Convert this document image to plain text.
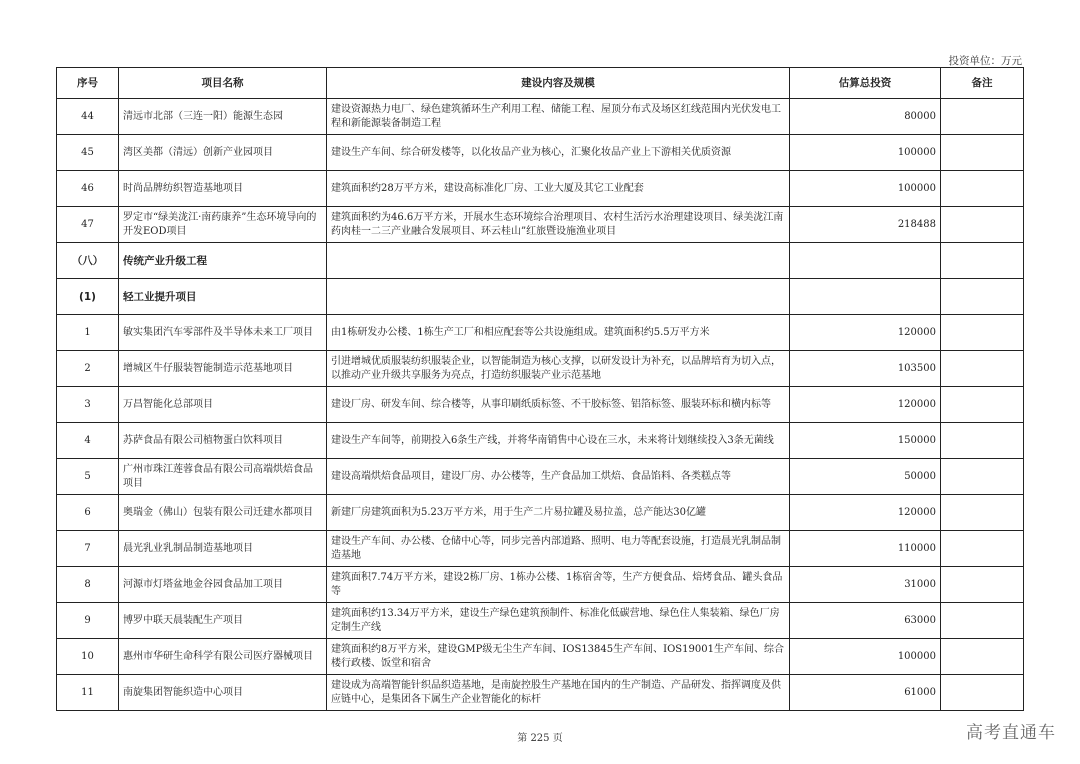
投资单位：万元
序号	项目名称	建设内容及规模	估算总投资	备注
44	清远市北部（三连一阳）能源生态园	建设资源热力电厂、绿色建筑循环生产利用工程、储能工程、屋顶分布式及场区红线范围内光伏发电工程和新能源装备制造工程	80000	
45	湾区美都（清远）创新产业园项目	建设生产车间、综合研发楼等，以化妆品产业为核心，汇聚化妆品产业上下游相关优质资源	100000	
46	时尚品牌纺织智造基地项目	建筑面积约28万平方米，建设高标准化厂房、工业大厦及其它工业配套	100000	
47	罗定市“绿美泷江·南药康养”生态环境导向的开发EOD项目	建筑面积约为46.6万平方米，开展水生态环境综合治理项目、农村生活污水治理建设项目、绿美泷江南药肉桂一二三产业融合发展项目、环云桂山”红旅暨设施渔业项目	218488	
（八）	传统产业升级工程			
(1)	轻工业提升项目			
1	敏实集团汽车零部件及半导体未来工厂项目	由1栋研发办公楼、1栋生产工厂和相应配套等公共设施组成。建筑面积约5.5万平方米	120000	
2	增城区牛仔服装智能制造示范基地项目	引进增城优质服装纺织服装企业，以智能制造为核心支撑，以研发设计为补充，以品牌培育为切入点，以推动产业升级共享服务为亮点，打造纺织服装产业示范基地	103500	
3	万昌智能化总部项目	建设厂房、研发车间、综合楼等，从事印刷纸质标签、不干胶标签、铝箔标签、服装环标和横内标等	120000	
4	苏萨食品有限公司植物蛋白饮料项目	建设生产车间等，前期投入6条生产线，并将华南销售中心设在三水，未来将计划继续投入3条无菌线	150000	
5	广州市珠江莲蓉食品有限公司高端烘焙食品项目	建设高端烘焙食品项目，建设厂房、办公楼等，生产食品加工烘焙、食品馅料、各类糕点等	50000	
6	奥瑞金（佛山）包装有限公司迁建水都项目	新建厂房建筑面积为5.23万平方米，用于生产二片易拉罐及易拉盖，总产能达30亿罐	120000	
7	晨光乳业乳制品制造基地项目	建设生产车间、办公楼、仓储中心等，同步完善内部道路、照明、电力等配套设施，打造晨光乳制品制造基地	110000	
8	河源市灯塔盆地金谷园食品加工项目	建筑面积7.74万平方米，建设2栋厂房、1栋办公楼、1栋宿舍等，生产方便食品、焙烤食品、罐头食品等	31000	
9	博罗中联天晨装配生产项目	建筑面积约13.34万平方米，建设生产绿色建筑预制件、标准化低碳营地、绿色住人集装箱、绿色厂房定制生产线	63000	
10	惠州市华研生命科学有限公司医疗器械项目	建筑面积约8万平方米，建设GMP级无尘生产车间、IOS13845生产车间、IOS19001生产车间、综合楼行政楼、饭堂和宿舍	100000	
11	南旋集团智能织造中心项目	建设成为高端智能针织品织造基地，是南旋控股生产基地在国内的生产制造、产品研发、指挥调度及供应链中心，是集团各下属生产企业智能化的标杆	61000	
第 225 页	高考直通车
